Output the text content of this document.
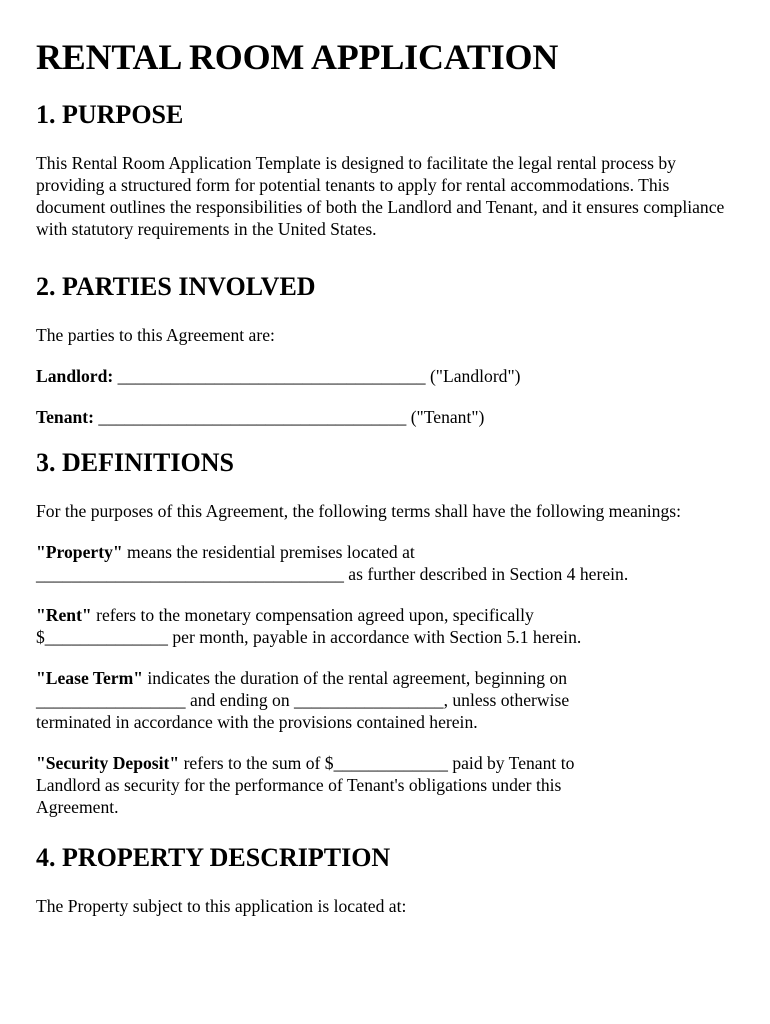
RENTAL ROOM APPLICATION
1. PURPOSE

This Rental Room Application Template is designed to facilitate the legal rental process by providing a structured form for potential tenants to apply for rental accommodations. This document outlines the responsibilities of both the Landlord and Tenant, and it ensures compliance with statutory requirements in the United States.

2. PARTIES INVOLVED

The parties to this Agreement are:

Landlord: ___________________________________ ("Landlord")

Tenant: ___________________________________ ("Tenant")

3. DEFINITIONS

For the purposes of this Agreement, the following terms shall have the following meanings:

"Property" means the residential premises located at
___________________________________ as further described in Section 4 herein.

"Rent" refers to the monetary compensation agreed upon, specifically
$______________ per month, payable in accordance with Section 5.1 herein.

"Lease Term" indicates the duration of the rental agreement, beginning on
_________________ and ending on _________________, unless otherwise
terminated in accordance with the provisions contained herein.

"Security Deposit" refers to the sum of $_____________ paid by Tenant to
Landlord as security for the performance of Tenant's obligations under this
Agreement.

4. PROPERTY DESCRIPTION

The Property subject to this application is located at:
